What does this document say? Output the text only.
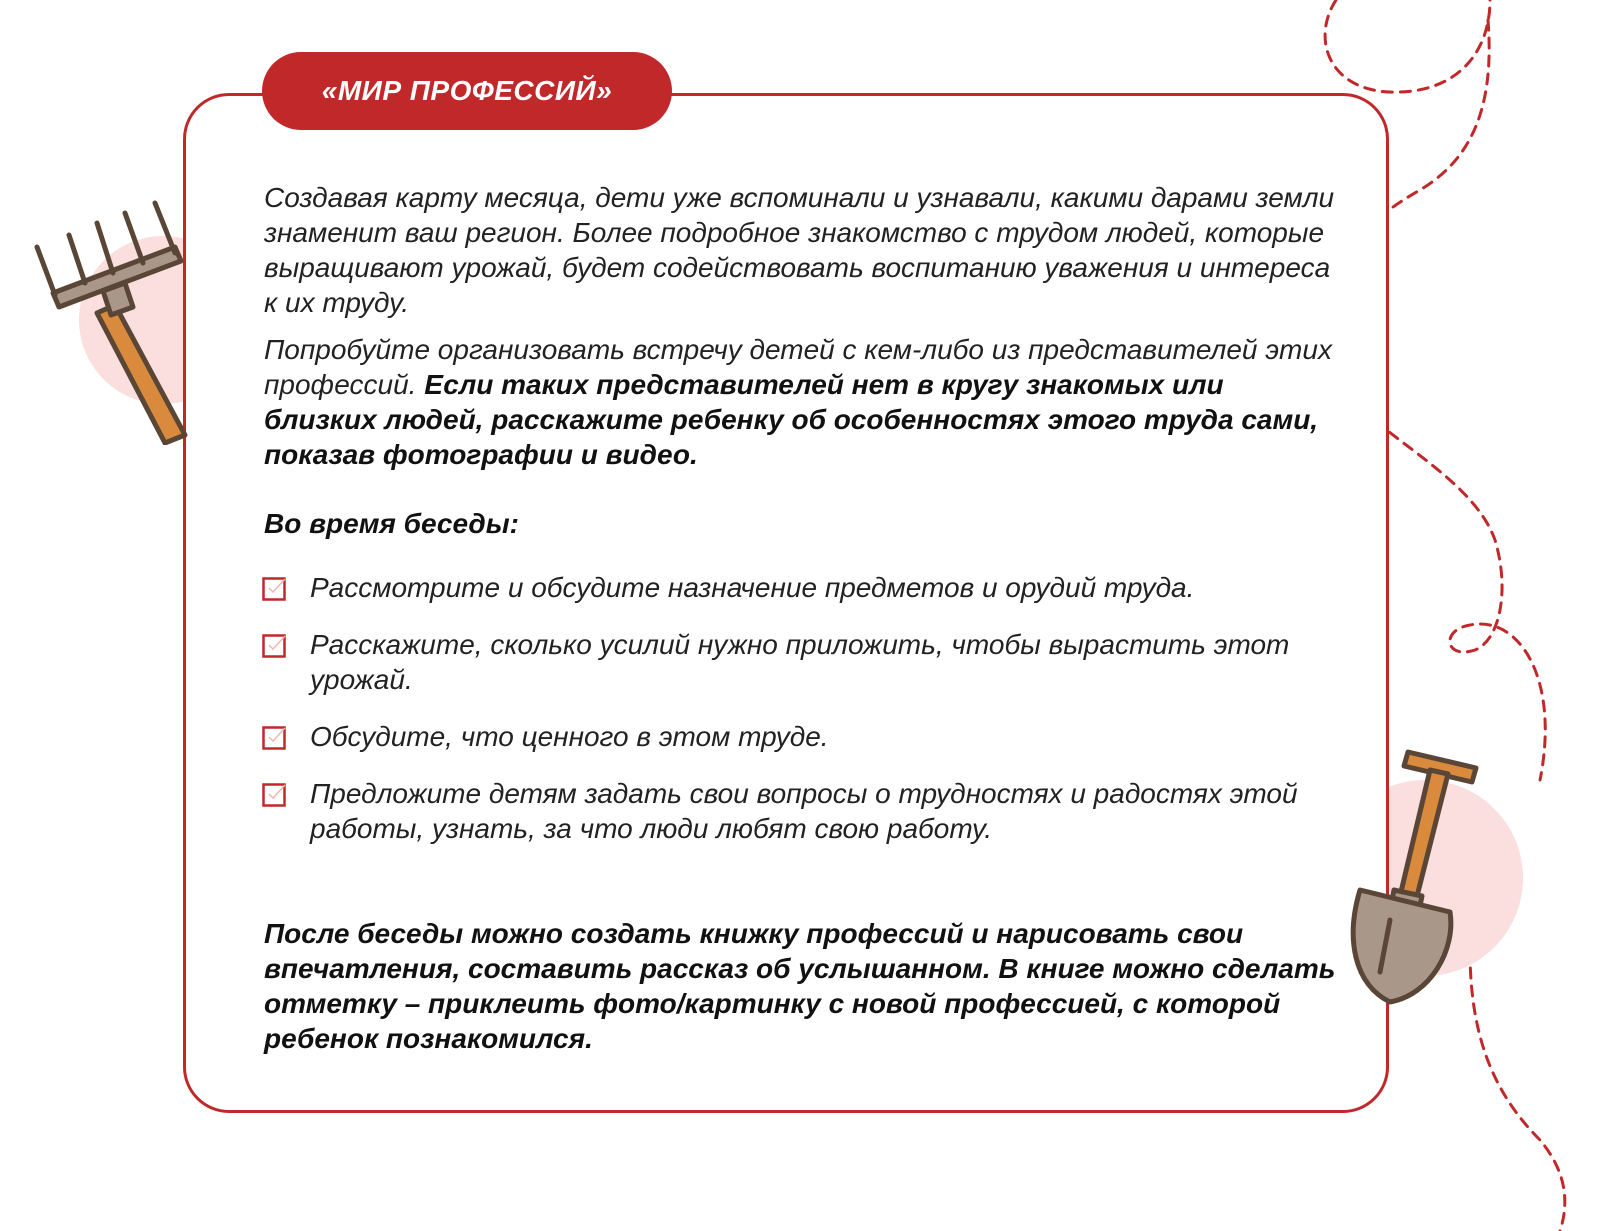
«МИР ПРОФЕССИЙ»

Создавая карту месяца, дети уже вспоминали и узнавали, какими дарами земли знаменит ваш регион. Более подробное знакомство с трудом людей, которые выращивают урожай, будет содействовать воспитанию уважения и интереса к их труду.

Попробуйте организовать встречу детей с кем-либо из представителей этих профессий. Если таких представителей нет в кругу знакомых или близких людей, расскажите ребенку об особенностях этого труда сами, показав фотографии и видео.

Во время беседы:
Рассмотрите и обсудите назначение предметов и орудий труда.
Расскажите, сколько усилий нужно приложить, чтобы вырастить этот урожай.
Обсудите, что ценного в этом труде.
Предложите детям задать свои вопросы о трудностях и радостях этой работы, узнать, за что люди любят свою работу.

После беседы можно создать книжку профессий и нарисовать свои впечатления, составить рассказ об услышанном. В книге можно сделать отметку – приклеить фото/картинку с новой профессией, с которой ребенок познакомился.
